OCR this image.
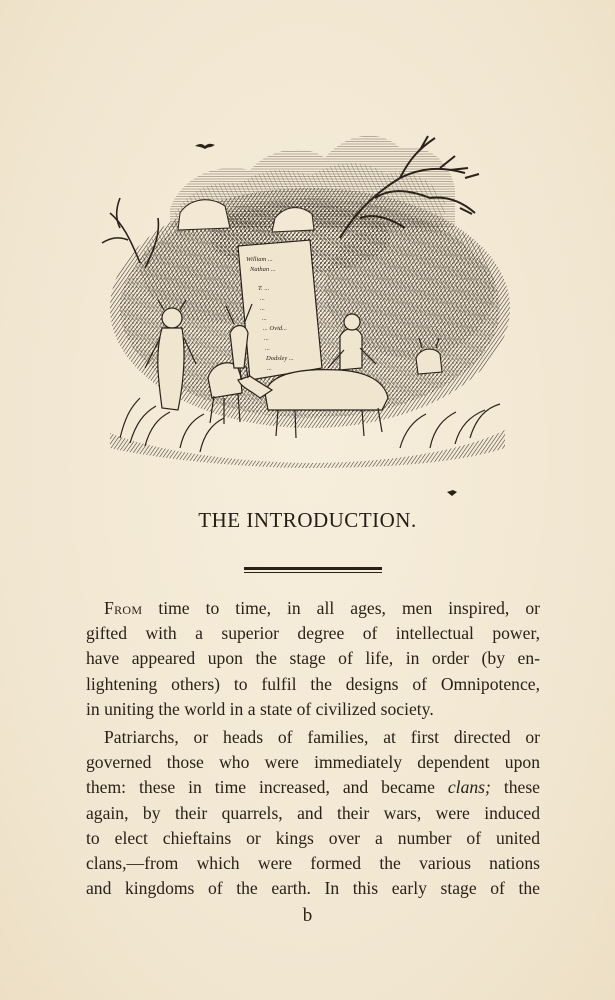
William ...
Nathan ...
T. ...
...
...
...
... Ovid...
...
...
Dodsley ...
...
THE INTRODUCTION.
From time to time, in all ages, men inspired, or
gifted with a superior degree of intellectual power,
have appeared upon the stage of life, in order (by en-
lightening others) to fulfil the designs of Omnipotence,
in uniting the world in a state of civilized society.
Patriarchs, or heads of families, at first directed or
governed those who were immediately dependent upon
them: these in time increased, and became clans; these
again, by their quarrels, and their wars, were induced
to elect chieftains or kings over a number of united
clans,—from which were formed the various nations
and kingdoms of the earth. In this early stage of the
b
